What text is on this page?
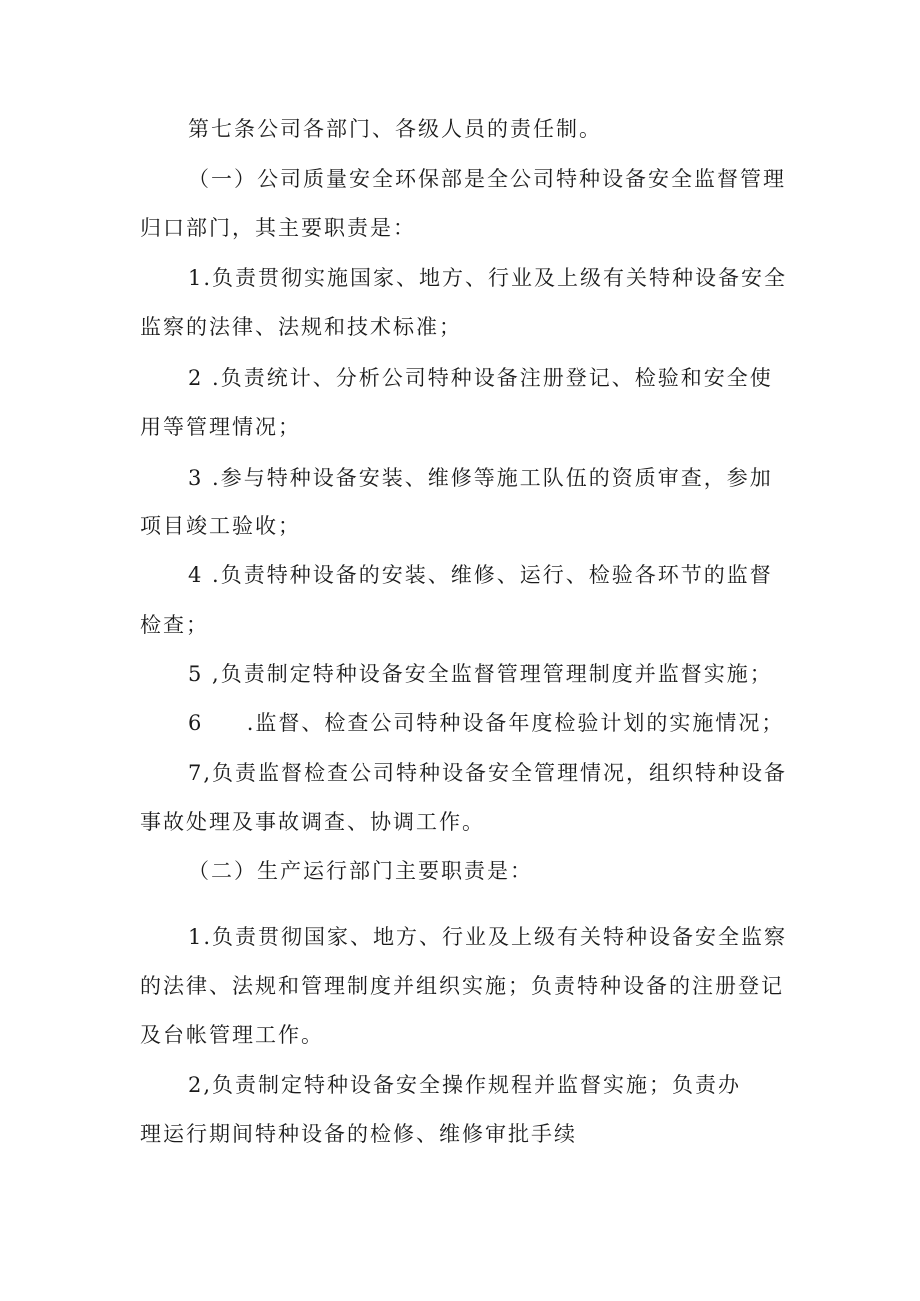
第七条公司各部门、各级人员的责任制。
（一）公司质量安全环保部是全公司特种设备安全监督管理
归口部门，其主要职责是：
1.负责贯彻实施国家、地方、行业及上级有关特种设备安全
监察的法律、法规和技术标准；
2 .负责统计、分析公司特种设备注册登记、检验和安全使
用等管理情况；
3 .参与特种设备安装、维修等施工队伍的资质审查，参加
项目竣工验收；
4 .负责特种设备的安装、维修、运行、检验各环节的监督
检查；
5 ,负责制定特种设备安全监督管理管理制度并监督实施；
6     .监督、检查公司特种设备年度检验计划的实施情况；
7,负责监督检查公司特种设备安全管理情况，组织特种设备
事故处理及事故调查、协调工作。
（二）生产运行部门主要职责是：
1.负责贯彻国家、地方、行业及上级有关特种设备安全监察
的法律、法规和管理制度并组织实施；负责特种设备的注册登记
及台帐管理工作。
2,负责制定特种设备安全操作规程并监督实施；负责办
理运行期间特种设备的检修、维修审批手续
